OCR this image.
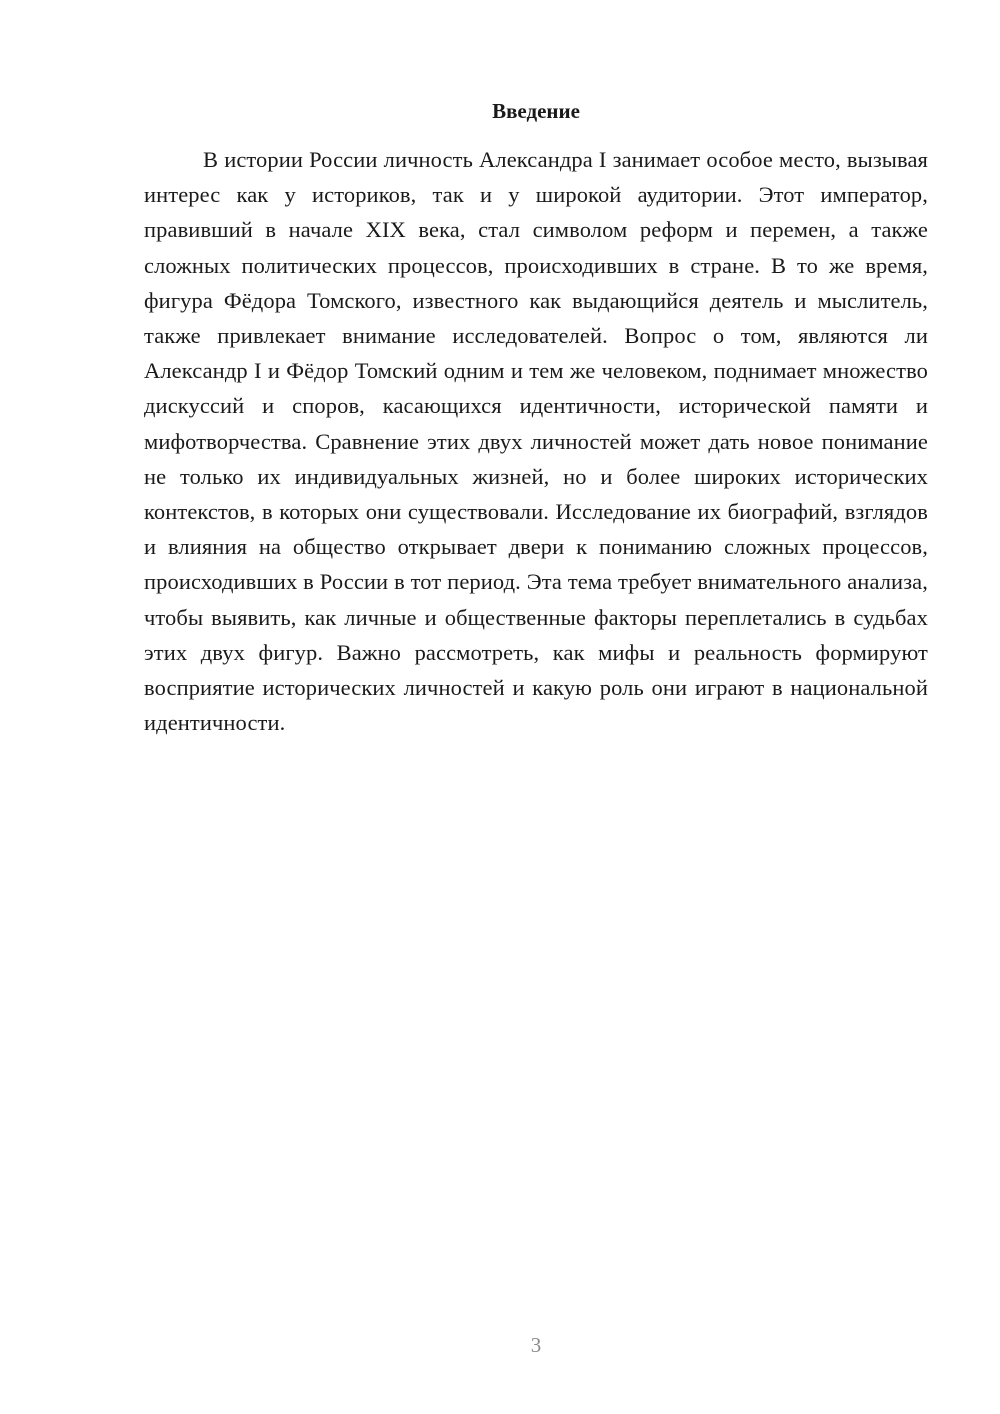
Введение

В истории России личность Александра I занимает особое место, вызывая интерес как у историков, так и у широкой аудитории. Этот император, правивший в начале XIX века, стал символом реформ и перемен, а также сложных политических процессов, происходивших в стране. В то же время, фигура Фёдора Томского, известного как выдающийся деятель и мыслитель, также привлекает внимание исследователей. Вопрос о том, являются ли Александр I и Фёдор Томский одним и тем же человеком, поднимает множество дискуссий и споров, касающихся идентичности, исторической памяти и мифотворчества. Сравнение этих двух личностей может дать новое понимание не только их индивидуальных жизней, но и более широких исторических контекстов, в которых они существовали. Исследование их биографий, взглядов и влияния на общество открывает двери к пониманию сложных процессов, происходивших в России в тот период. Эта тема требует внимательного анализа, чтобы выявить, как личные и общественные факторы переплетались в судьбах этих двух фигур. Важно рассмотреть, как мифы и реальность формируют восприятие исторических личностей и какую роль они играют в национальной идентичности.

3
